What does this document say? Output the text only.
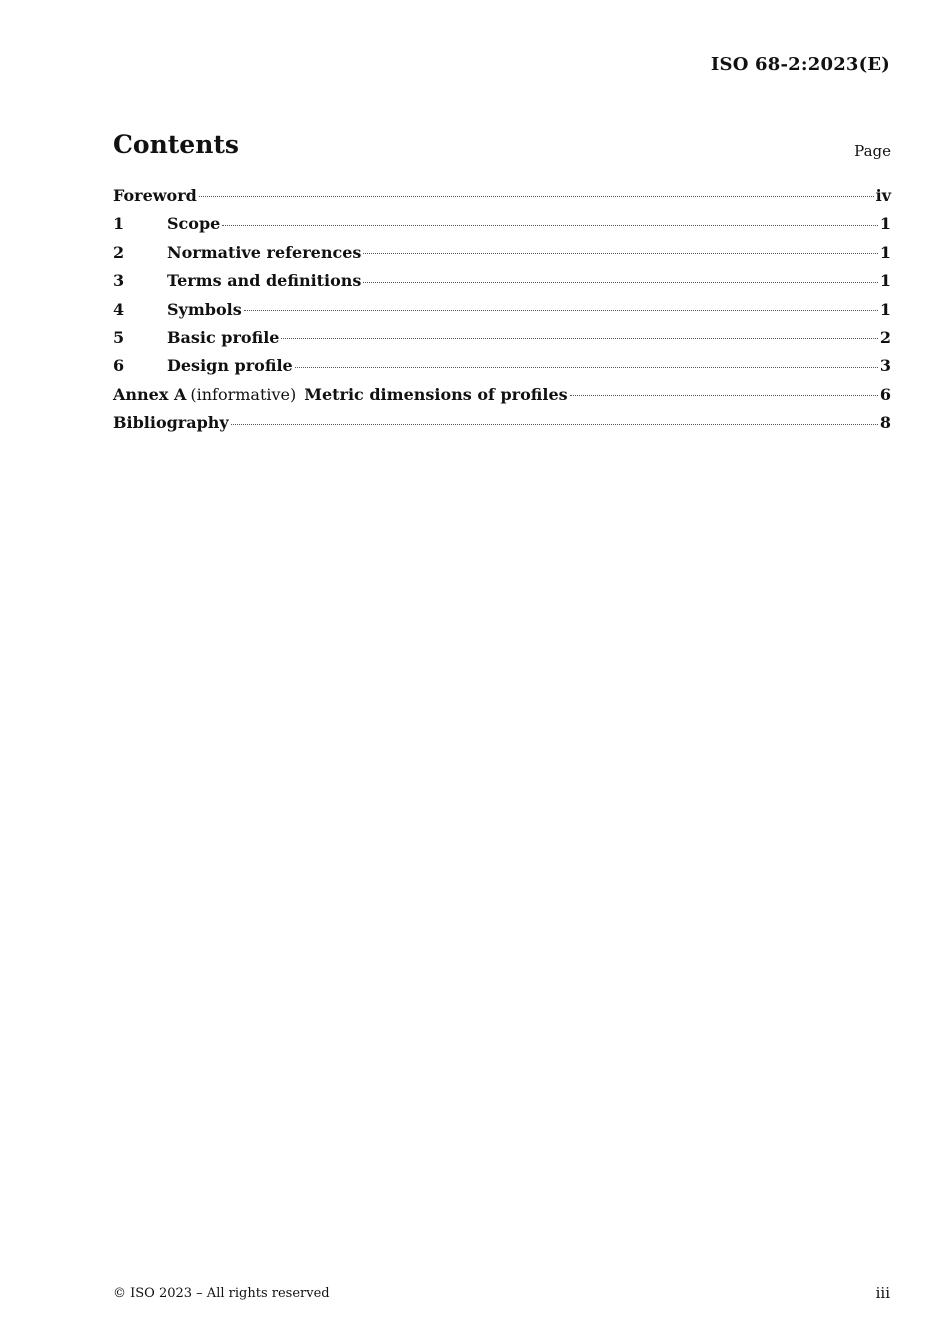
ISO 68-2:2023(E)
Contents	Page
Foreword	iv
1	Scope	1
2	Normative references	1
3	Terms and definitions	1
4	Symbols	1
5	Basic profile	2
6	Design profile	3
Annex A (informative) Metric dimensions of profiles	6
Bibliography	8
© ISO 2023 – All rights reserved	iii
